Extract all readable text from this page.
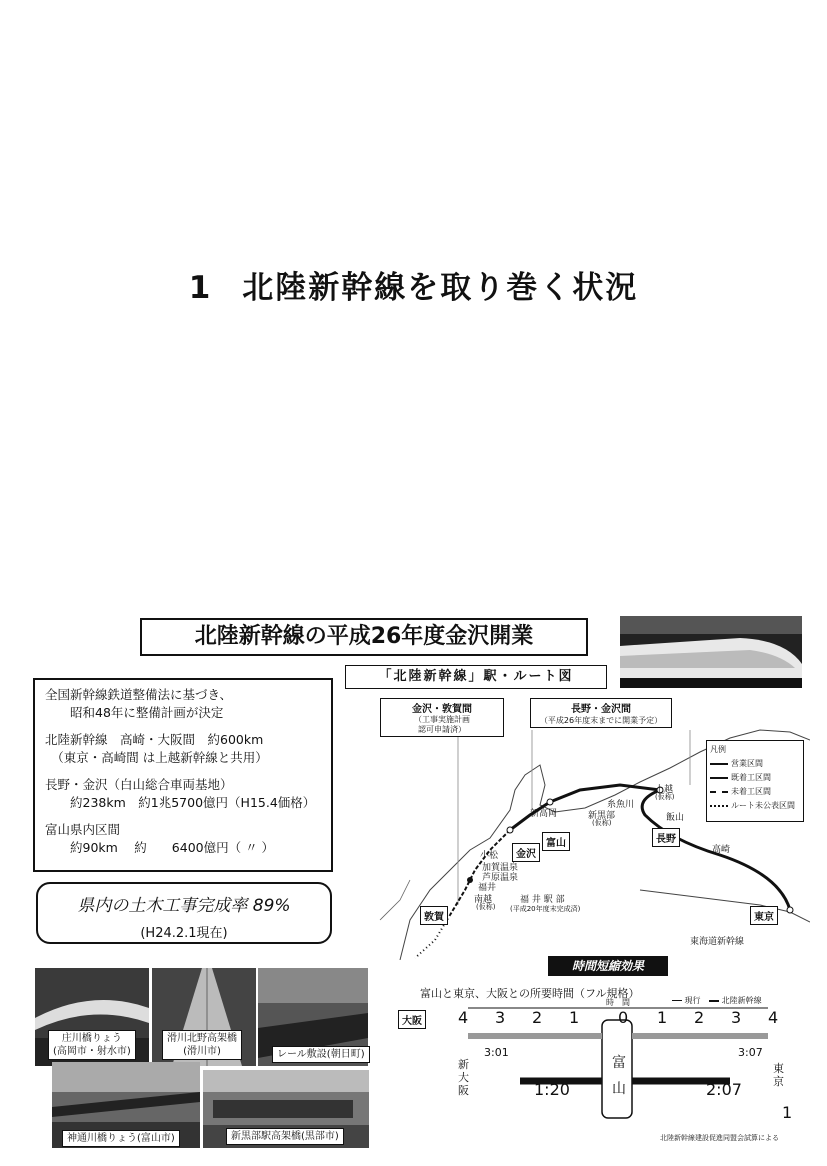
1 北陸新幹線を取り巻く状況
北陸新幹線の平成26年度金沢開業

全国新幹線鉄道整備法に基づき、

　　昭和48年に整備計画が決定

北陸新幹線　高崎・大阪間　約600km

　（東京・高崎間 は上越新幹線と共用）

長野・金沢（白山総合車両基地）

　　約238km　約1兆5700億円（H15.4価格）

富山県内区間

　　約90km　 約　　6400億円（ 〃 ）

県内の土木工事完成率 89%
(H24.2.1現在)
「北陸新幹線」駅・ルート図
金沢・敦賀間
（工事実施計画
認可申請済）
長野・金沢間
（平成26年度末までに開業予定）
凡例
営業区間
既着工区間
未着工区間
ルート未公表区間
東京
長野
富山
金沢
敦賀
大阪
高崎
飯山
上越
(仮称)
糸魚川
新黒部
(仮称)
新高岡
小松
加賀温泉
芦原温泉
福井
南越
(仮称)
福 井 駅 部
(平成20年度末完成済)
東海道新幹線
庄川橋りょう
(高岡市・射水市)
滑川北野高架橋
(滑川市)	レール敷設(朝日町)
神通川橋りょう(富山市)	新黒部駅高架橋(黒部市)
時間短縮効果
富山と東京、大阪との所要時間（フル規格）
時　間	現行	北陸新幹線
4 3 2 1 0 1 2 3 4
富
山
新
大
阪
東
京
3:01
1:20
3:07
2:07
1
北陸新幹線建設促進同盟会試算による
